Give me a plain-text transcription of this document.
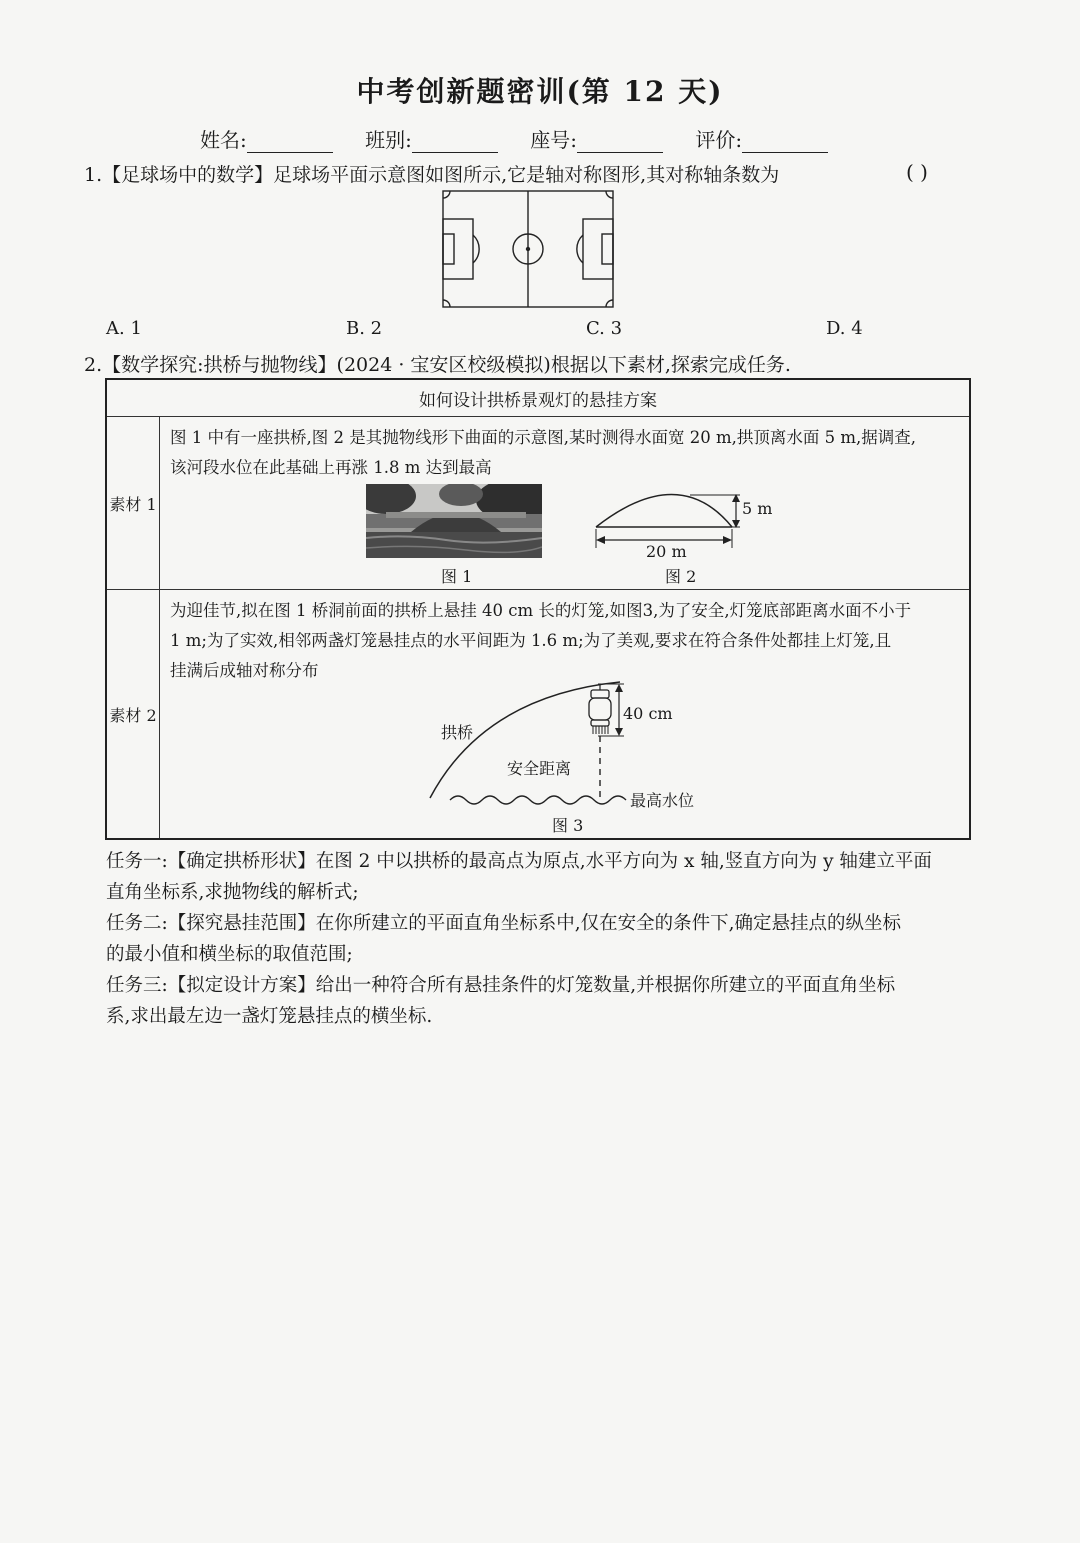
中考创新题密训(第 12 天)
姓名:	班别:	座号:	评价:
1.【足球场中的数学】足球场平面示意图如图所示,它是轴对称图形,其对称轴条数为	( )
A. 1	B. 2	C. 3	D. 4
2.【数学探究:拱桥与抛物线】(2024 · 宝安区校级模拟)根据以下素材,探索完成任务.
如何设计拱桥景观灯的悬挂方案	
素材 1	图 1 中有一座拱桥,图 2 是其抛物线形下曲面的示意图,某时测得水面宽 20 m,拱顶离水面 5 m,据调查,
该河段水位在此基础上再涨 1.8 m 达到最高

素材 2	为迎佳节,拟在图 1 桥洞前面的拱桥上悬挂 40 cm 长的灯笼,如图3,为了安全,灯笼底部距离水面不小于
1 m;为了实效,相邻两盏灯笼悬挂点的水平间距为 1.6 m;为了美观,要求在符合条件处都挂上灯笼,且
挂满后成轴对称分布
图 1
5 m
20 m
图 2
40 cm
拱桥
安全距离
最高水位
图 3
任务一:【确定拱桥形状】在图 2 中以拱桥的最高点为原点,水平方向为 x 轴,竖直方向为 y 轴建立平面
直角坐标系,求抛物线的解析式;
任务二:【探究悬挂范围】在你所建立的平面直角坐标系中,仅在安全的条件下,确定悬挂点的纵坐标
的最小值和横坐标的取值范围;
任务三:【拟定设计方案】给出一种符合所有悬挂条件的灯笼数量,并根据你所建立的平面直角坐标
系,求出最左边一盏灯笼悬挂点的横坐标.
